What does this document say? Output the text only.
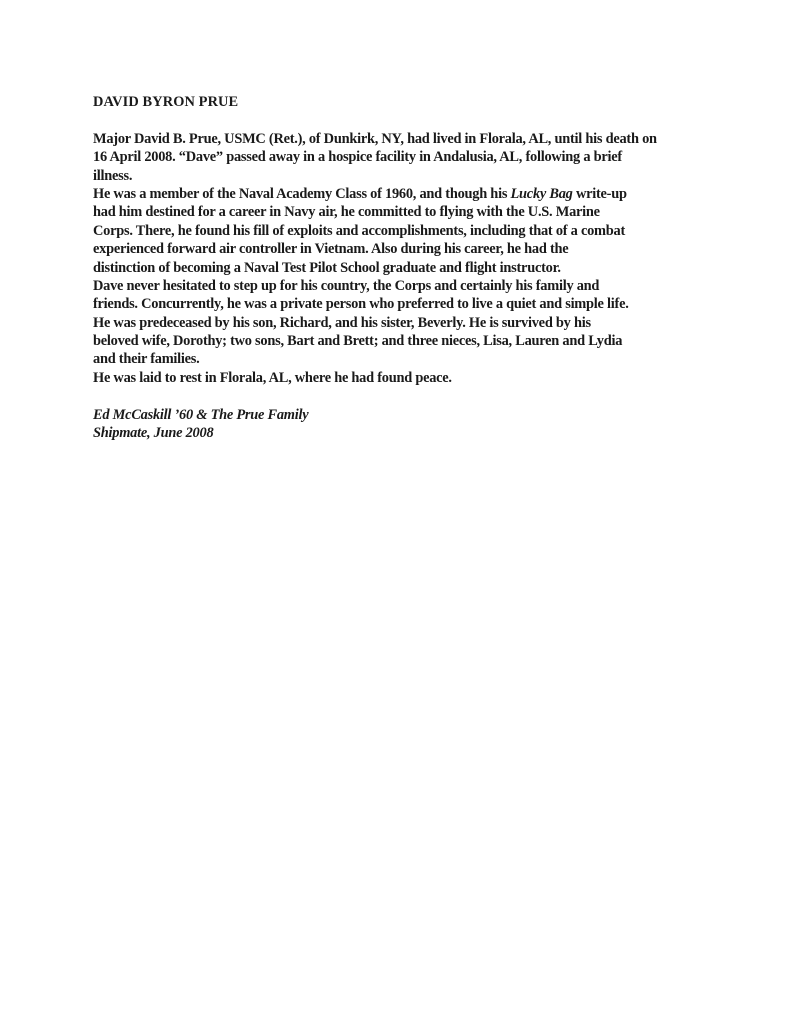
DAVID BYRON PRUE
Major David B. Prue, USMC (Ret.), of Dunkirk, NY, had lived in Florala, AL, until his death on
16 April 2008. “Dave” passed away in a hospice facility in Andalusia, AL, following a brief
illness.
He was a member of the Naval Academy Class of 1960, and though his Lucky Bag write-up
had him destined for a career in Navy air, he committed to flying with the U.S. Marine
Corps. There, he found his fill of exploits and accomplishments, including that of a combat
experienced forward air controller in Vietnam. Also during his career, he had the
distinction of becoming a Naval Test Pilot School graduate and flight instructor.
Dave never hesitated to step up for his country, the Corps and certainly his family and
friends. Concurrently, he was a private person who preferred to live a quiet and simple life.
He was predeceased by his son, Richard, and his sister, Beverly. He is survived by his
beloved wife, Dorothy; two sons, Bart and Brett; and three nieces, Lisa, Lauren and Lydia
and their families.
He was laid to rest in Florala, AL, where he had found peace.
Ed McCaskill ’60 & The Prue Family
Shipmate, June 2008
